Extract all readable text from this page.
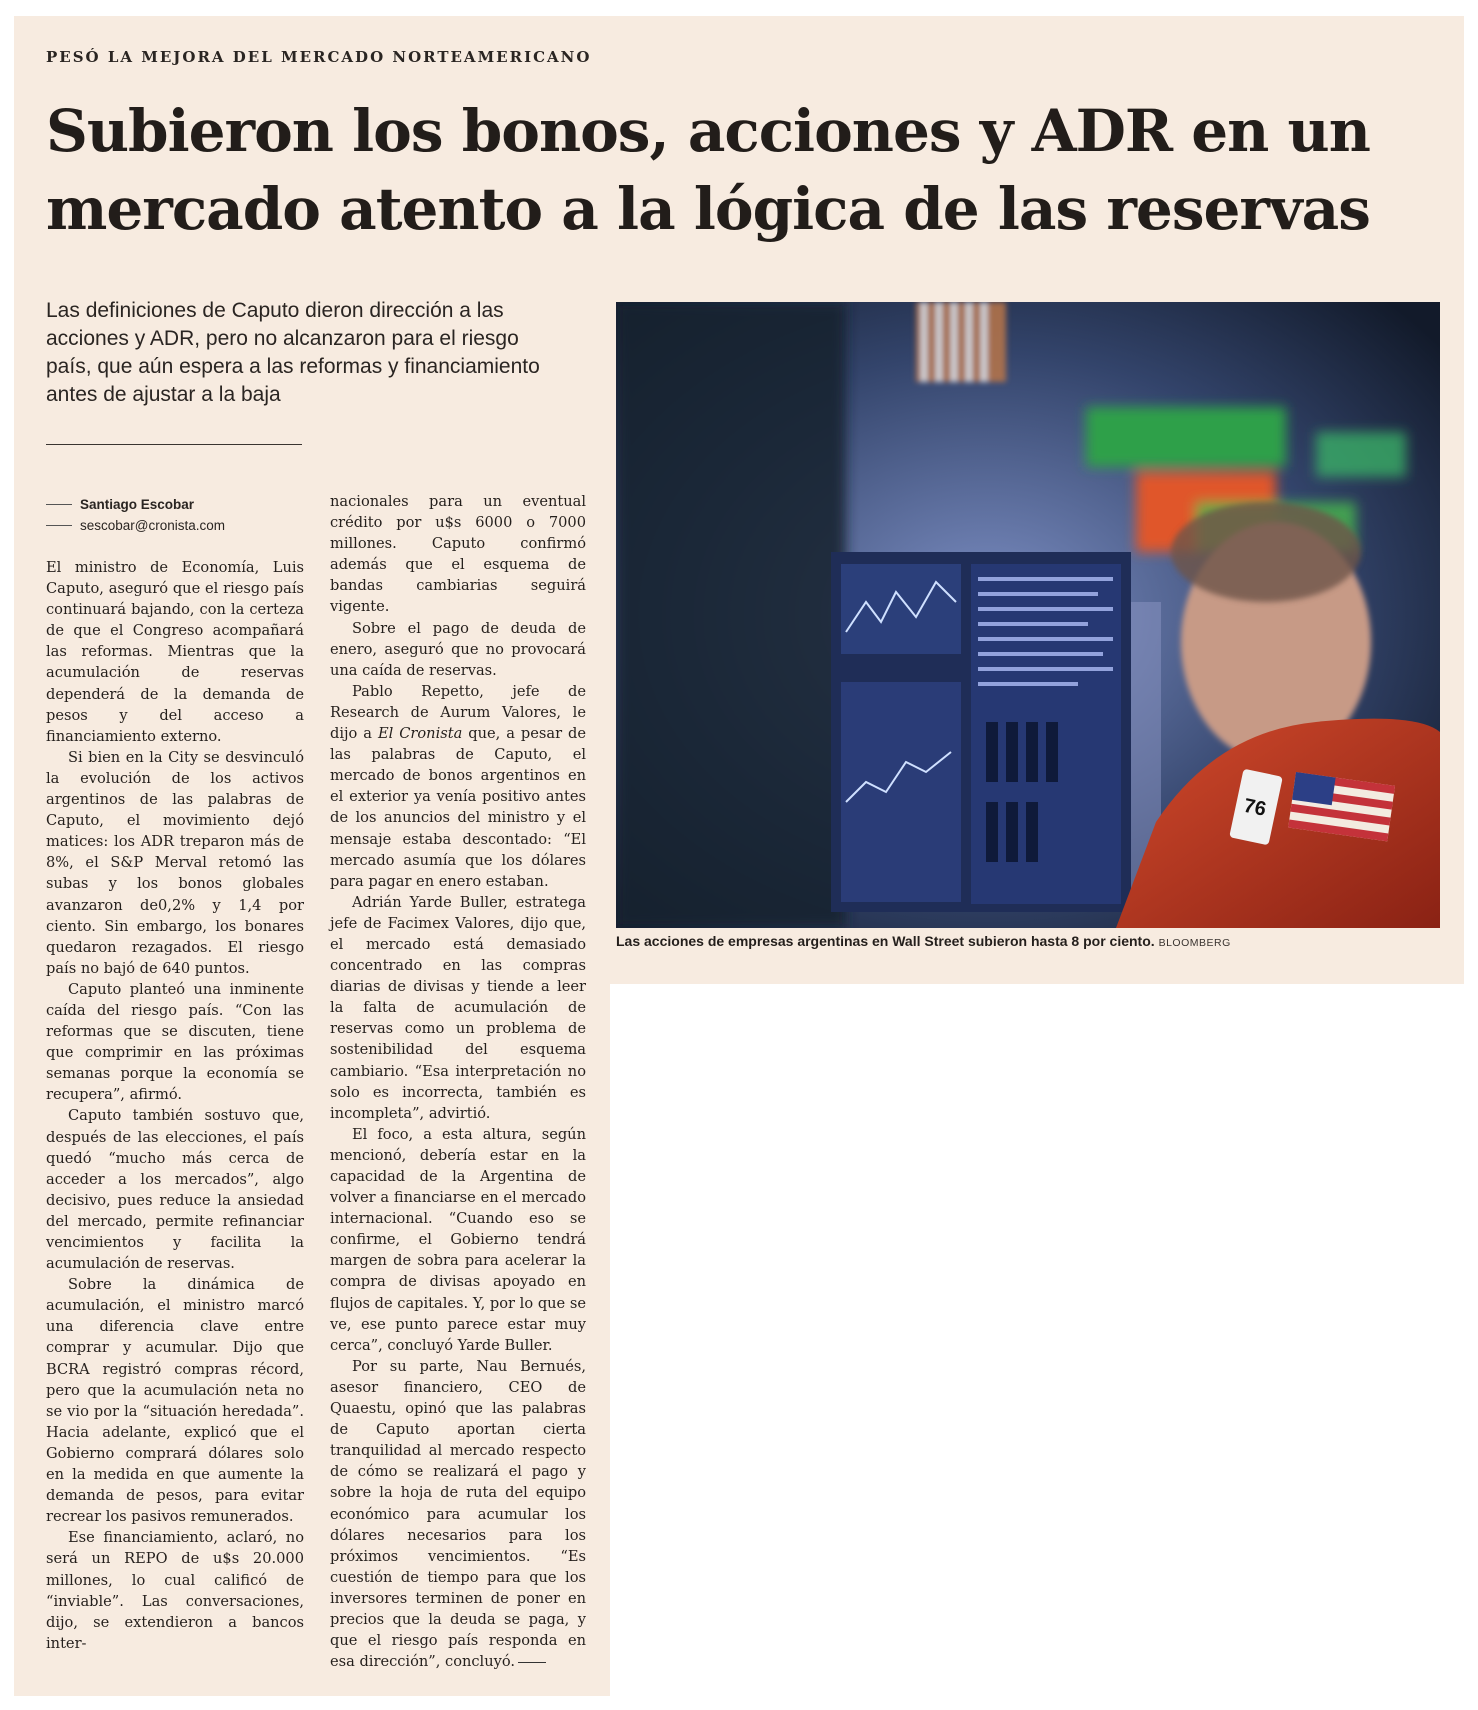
PESÓ LA MEJORA DEL MERCADO NORTEAMERICANO
Subieron los bonos, acciones y ADR en un
mercado atento a la lógica de las reservas
Las definiciones de Caputo dieron dirección a las acciones y ADR, pero no alcanzaron para el riesgo país, que aún espera a las reformas y financiamiento antes de ajustar a la baja
Santiago Escobar
sescobar@cronista.com

El ministro de Economía, Luis Caputo, aseguró que el riesgo país continuará bajando, con la certeza de que el Congreso acompañará las reformas. Mientras que la acumulación de reservas dependerá de la demanda de pesos y del acceso a financiamiento externo.

Si bien en la City se desvinculó la evolución de los activos argentinos de las palabras de Caputo, el movimiento dejó matices: los ADR treparon más de 8%, el S&P Merval retomó las subas y los bonos globales avanzaron de0,2% y 1,4 por ciento. Sin embargo, los bonares quedaron rezagados. El riesgo país no bajó de 640 puntos.

Caputo planteó una inminente caída del riesgo país. “Con las reformas que se discuten, tiene que comprimir en las próximas semanas porque la economía se recupera”, afirmó.

Caputo también sostuvo que, después de las elecciones, el país quedó “mucho más cerca de acceder a los mercados”, algo decisivo, pues reduce la ansiedad del mercado, permite refinanciar vencimientos y facilita la acumulación de reservas.

Sobre la dinámica de acumulación, el ministro marcó una diferencia clave entre comprar y acumular. Dijo que BCRA registró compras récord, pero que la acumulación neta no se vio por la “situación heredada”. Hacia adelante, explicó que el Gobierno comprará dólares solo en la medida en que aumente la demanda de pesos, para evitar recrear los pasivos remunerados.

Ese financiamiento, aclaró, no será un REPO de u$s 20.000 millones, lo cual calificó de “inviable”. Las conversaciones, dijo, se extendieron a bancos inter-

nacionales para un eventual crédito por u$s 6000 o 7000 millones. Caputo confirmó además que el esquema de bandas cambiarias seguirá vigente.

Sobre el pago de deuda de enero, aseguró que no provocará una caída de reservas.

Pablo Repetto, jefe de Research de Aurum Valores, le dijo a El Cronista que, a pesar de las palabras de Caputo, el mercado de bonos argentinos en el exterior ya venía positivo antes de los anuncios del ministro y el mensaje estaba descontado: “El mercado asumía que los dólares para pagar en enero estaban.

Adrián Yarde Buller, estratega jefe de Facimex Valores, dijo que, el mercado está demasiado concentrado en las compras diarias de divisas y tiende a leer la falta de acumulación de reservas como un problema de sostenibilidad del esquema cambiario. “Esa interpretación no solo es incorrecta, también es incompleta”, advirtió.

El foco, a esta altura, según mencionó, debería estar en la capacidad de la Argentina de volver a financiarse en el mercado internacional. “Cuando eso se confirme, el Gobierno tendrá margen de sobra para acelerar la compra de divisas apoyado en flujos de capitales. Y, por lo que se ve, ese punto parece estar muy cerca”, concluyó Yarde Buller.

Por su parte, Nau Bernués, asesor financiero, CEO de Quaestu, opinó que las palabras de Caputo aportan cierta tranquilidad al mercado respecto de cómo se realizará el pago y sobre la hoja de ruta del equipo económico para acumular los dólares necesarios para los próximos vencimientos. “Es cuestión de tiempo para que los inversores terminen de poner en precios que la deuda se paga, y que el riesgo país responda en esa dirección”, concluyó.

76
Las acciones de empresas argentinas en Wall Street subieron hasta 8 por ciento. BLOOMBERG
